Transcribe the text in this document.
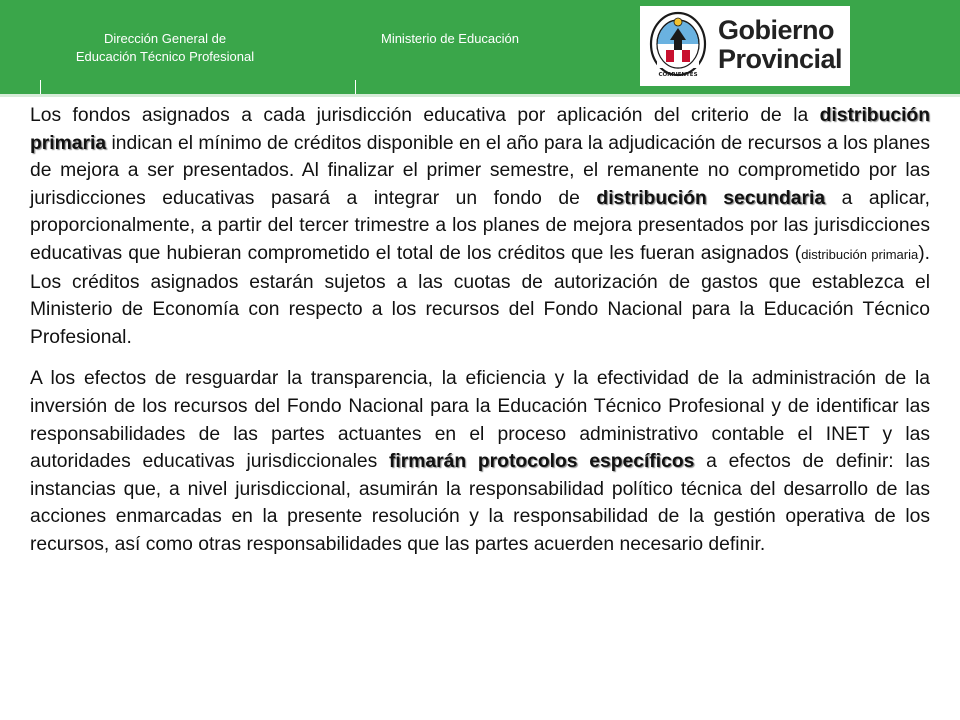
Dirección General de
Educación Técnico Profesional
Ministerio de Educación
CORRIENTES
Gobierno
Provincial

Los fondos asignados a cada jurisdicción educativa por aplicación del criterio de la distribución primaria indican el mínimo de créditos disponible en el año para la adjudicación de recursos a los planes de mejora a ser presentados. Al finalizar el primer semestre, el remanente no comprometido por las jurisdicciones educativas pasará a integrar un fondo de distribución secundaria a aplicar, proporcionalmente, a partir del tercer trimestre a los planes de mejora presentados por las jurisdicciones educativas que hubieran comprometido el total de los créditos que les fueran asignados (distribución primaria). Los créditos asignados estarán sujetos a las cuotas de autorización de gastos que establezca el Ministerio de Economía con respecto a los recursos del Fondo Nacional para la Educación Técnico Profesional.

A los efectos de resguardar la transparencia, la eficiencia y la efectividad de la administración de la inversión de los recursos del Fondo Nacional para la Educación Técnico Profesional y de identificar las responsabilidades de las partes actuantes en el proceso administrativo contable el INET y las autoridades educativas jurisdiccionales firmarán protocolos específicos a efectos de definir: las instancias que, a nivel jurisdiccional, asumirán la responsabilidad político técnica del desarrollo de las acciones enmarcadas en la presente resolución y la responsabilidad de la gestión operativa de los recursos, así como otras responsabilidades que las partes acuerden necesario definir.
